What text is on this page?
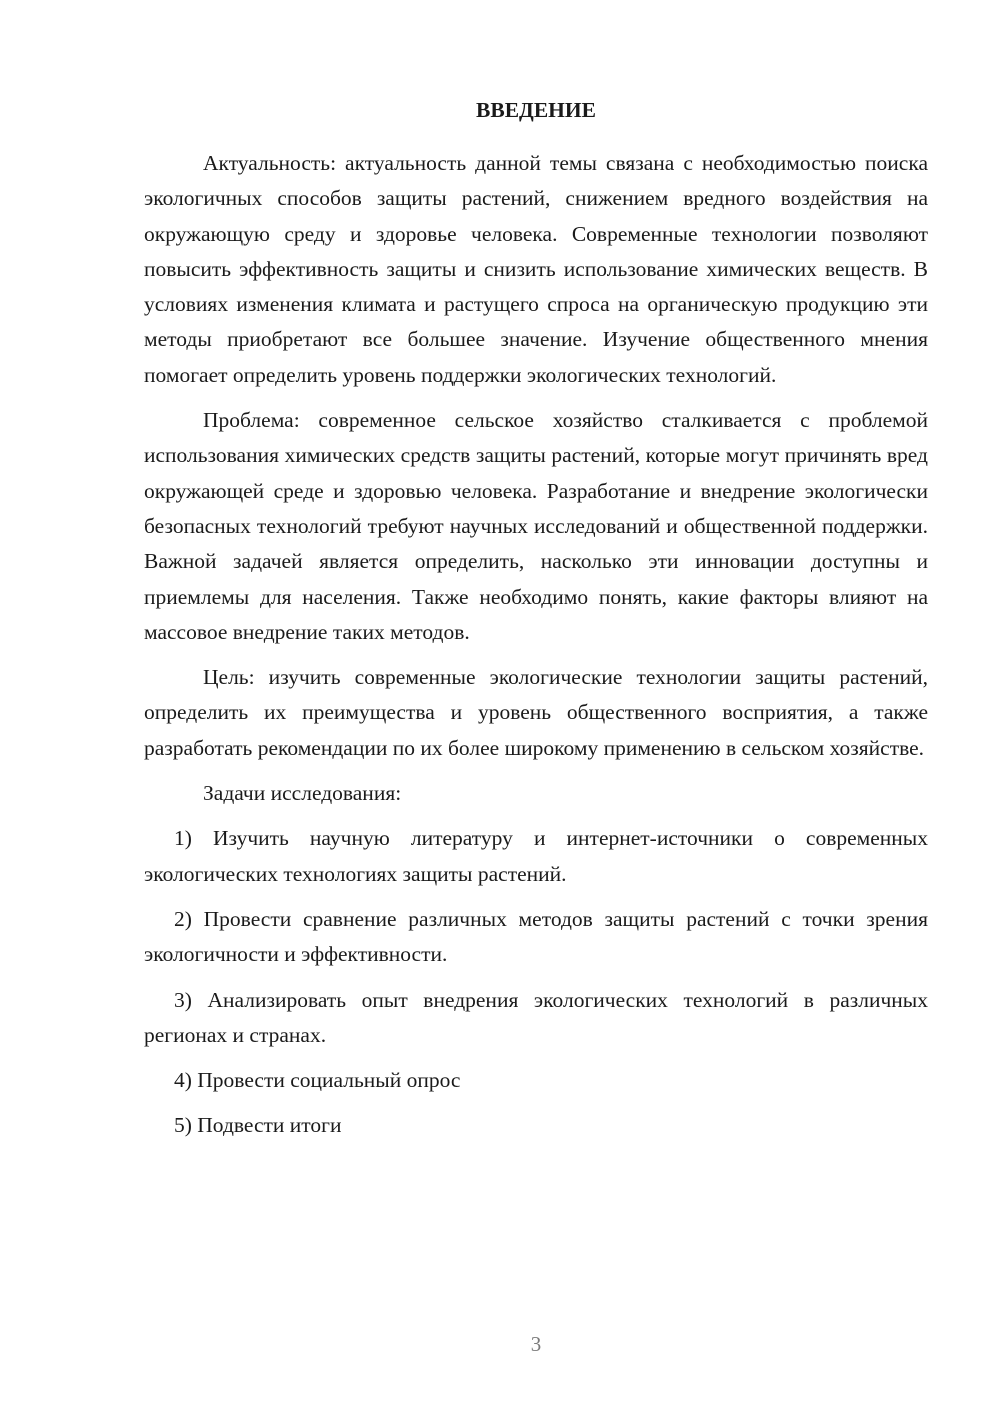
ВВЕДЕНИЕ

Актуальность: актуальность данной темы связана с необходимостью поиска экологичных способов защиты растений, снижением вредного воздействия на окружающую среду и здоровье человека. Современные технологии позволяют повысить эффективность защиты и снизить использование химических веществ. В условиях изменения климата и растущего спроса на органическую продукцию эти методы приобретают все большее значение. Изучение общественного мнения помогает определить уровень поддержки экологических технологий.

Проблема: современное сельское хозяйство сталкивается с проблемой использования химических средств защиты растений, которые могут причинять вред окружающей среде и здоровью человека. Разработание и внедрение экологически безопасных технологий требуют научных исследований и общественной поддержки. Важной задачей является определить, насколько эти инновации доступны и приемлемы для населения. Также необходимо понять, какие факторы влияют на массовое внедрение таких методов.

Цель: изучить современные экологические технологии защиты растений, определить их преимущества и уровень общественного восприятия, а также разработать рекомендации по их более широкому применению в сельском хозяйстве.

Задачи исследования:

1) Изучить научную литературу и интернет-источники о современных экологических технологиях защиты растений.

2) Провести сравнение различных методов защиты растений с точки зрения экологичности и эффективности.

3) Анализировать опыт внедрения экологических технологий в различных регионах и странах.

4) Провести социальный опрос

5) Подвести итоги

3
